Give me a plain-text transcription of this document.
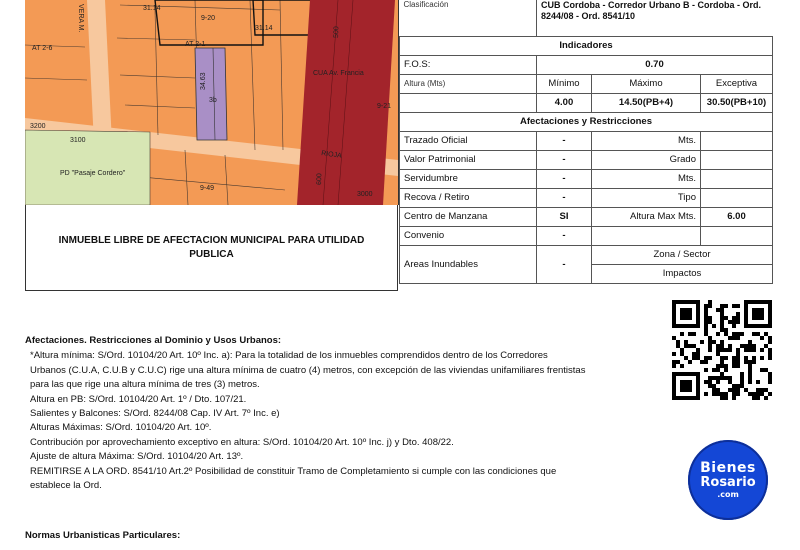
31.14
9-20
31.14
AT 2-6
AT 2-1
CUA Av. Francia
9-21
3200
3100
PD "Pasaje Cordero"
9-49
3000
3b
34.63
VERA M.	500
600
RIOJA
INMUEBLE LIBRE DE AFECTACION MUNICIPAL PARA UTILIDAD PUBLICA
Clasificación	CUB Cordoba - Corredor Urbano B - Cordoba - Ord. 8244/08 - Ord. 8541/10		
Indicadores			
F.O.S:	0.70		
Altura (Mts)	Mínimo	Máximo	Exceptiva
	4.00	14.50(PB+4)	30.50(PB+10)
Afectaciones y Restricciones			
Trazado Oficial	-	Mts.	
Valor Patrimonial	-	Grado	
Servidumbre	-	Mts.	
Recova / Retiro	-	Tipo	
Centro de Manzana	SI	Altura Max Mts.	6.00
Convenio	-		
Areas Inundables	-	Zona / Sector	
		Impactos	
Afectaciones. Restricciones al Dominio y Usos Urbanos:
*Altura mínima: S/Ord. 10104/20 Art. 10º Inc. a): Para la totalidad de los inmuebles comprendidos dentro de los Corredores
Urbanos (C.U.A, C.U.B y C.U.C) rige una altura mínima de cuatro (4) metros, con excepción de las viviendas unifamiliares frentistas
para las que rige una altura mínima de tres (3) metros.
Altura en PB: S/Ord. 10104/20 Art. 1º / Dto. 107/21.
Salientes y Balcones: S/Ord. 8244/08 Cap. IV Art. 7º Inc. e)
Alturas Máximas: S/Ord. 10104/20 Art. 10º.
Contribución por aprovechamiento exceptivo en altura: S/Ord. 10104/20 Art. 10º Inc. j) y Dto. 408/22.
Ajuste de altura Máxima: S/Ord. 10104/20 Art. 13º.
REMITIRSE A LA ORD. 8541/10 Art.2º Posibilidad de constituir Tramo de Completamiento si cumple con las condiciones que
establece la Ord.
Normas Urbanisticas Particulares:
Bienes
Rosario
.com
